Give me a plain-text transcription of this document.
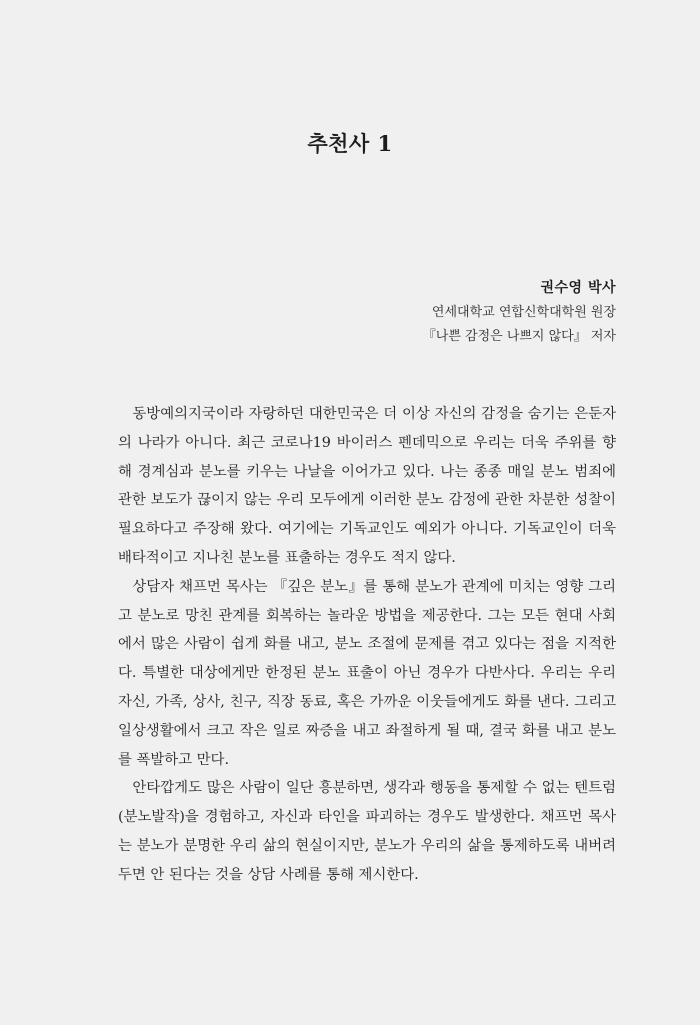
추천사 1
권수영 박사
연세대학교 연합신학대학원 원장
『나쁜 감정은 나쁘지 않다』 저자

동방예의지국이라 자랑하던 대한민국은 더 이상 자신의 감정을 숨기는 은둔자의 나라가 아니다. 최근 코로나19 바이러스 펜데믹으로 우리는 더욱 주위를 향해 경계심과 분노를 키우는 나날을 이어가고 있다. 나는 종종 매일 분노 범죄에 관한 보도가 끊이지 않는 우리 모두에게 이러한 분노 감정에 관한 차분한 성찰이 필요하다고 주장해 왔다. 여기에는 기독교인도 예외가 아니다. 기독교인이 더욱 배타적이고 지나친 분노를 표출하는 경우도 적지 않다.

상담자 채프먼 목사는 『깊은 분노』를 통해 분노가 관계에 미치는 영향 그리고 분노로 망친 관계를 회복하는 놀라운 방법을 제공한다. 그는 모든 현대 사회에서 많은 사람이 쉽게 화를 내고, 분노 조절에 문제를 겪고 있다는 점을 지적한다. 특별한 대상에게만 한정된 분노 표출이 아닌 경우가 다반사다. 우리는 우리 자신, 가족, 상사, 친구, 직장 동료, 혹은 가까운 이웃들에게도 화를 낸다. 그리고 일상생활에서 크고 작은 일로 짜증을 내고 좌절하게 될 때, 결국 화를 내고 분노를 폭발하고 만다.

안타깝게도 많은 사람이 일단 흥분하면, 생각과 행동을 통제할 수 없는 텐트럼(분노발작)을 경험하고, 자신과 타인을 파괴하는 경우도 발생한다. 채프먼 목사는 분노가 분명한 우리 삶의 현실이지만, 분노가 우리의 삶을 통제하도록 내버려 두면 안 된다는 것을 상담 사례를 통해 제시한다.
